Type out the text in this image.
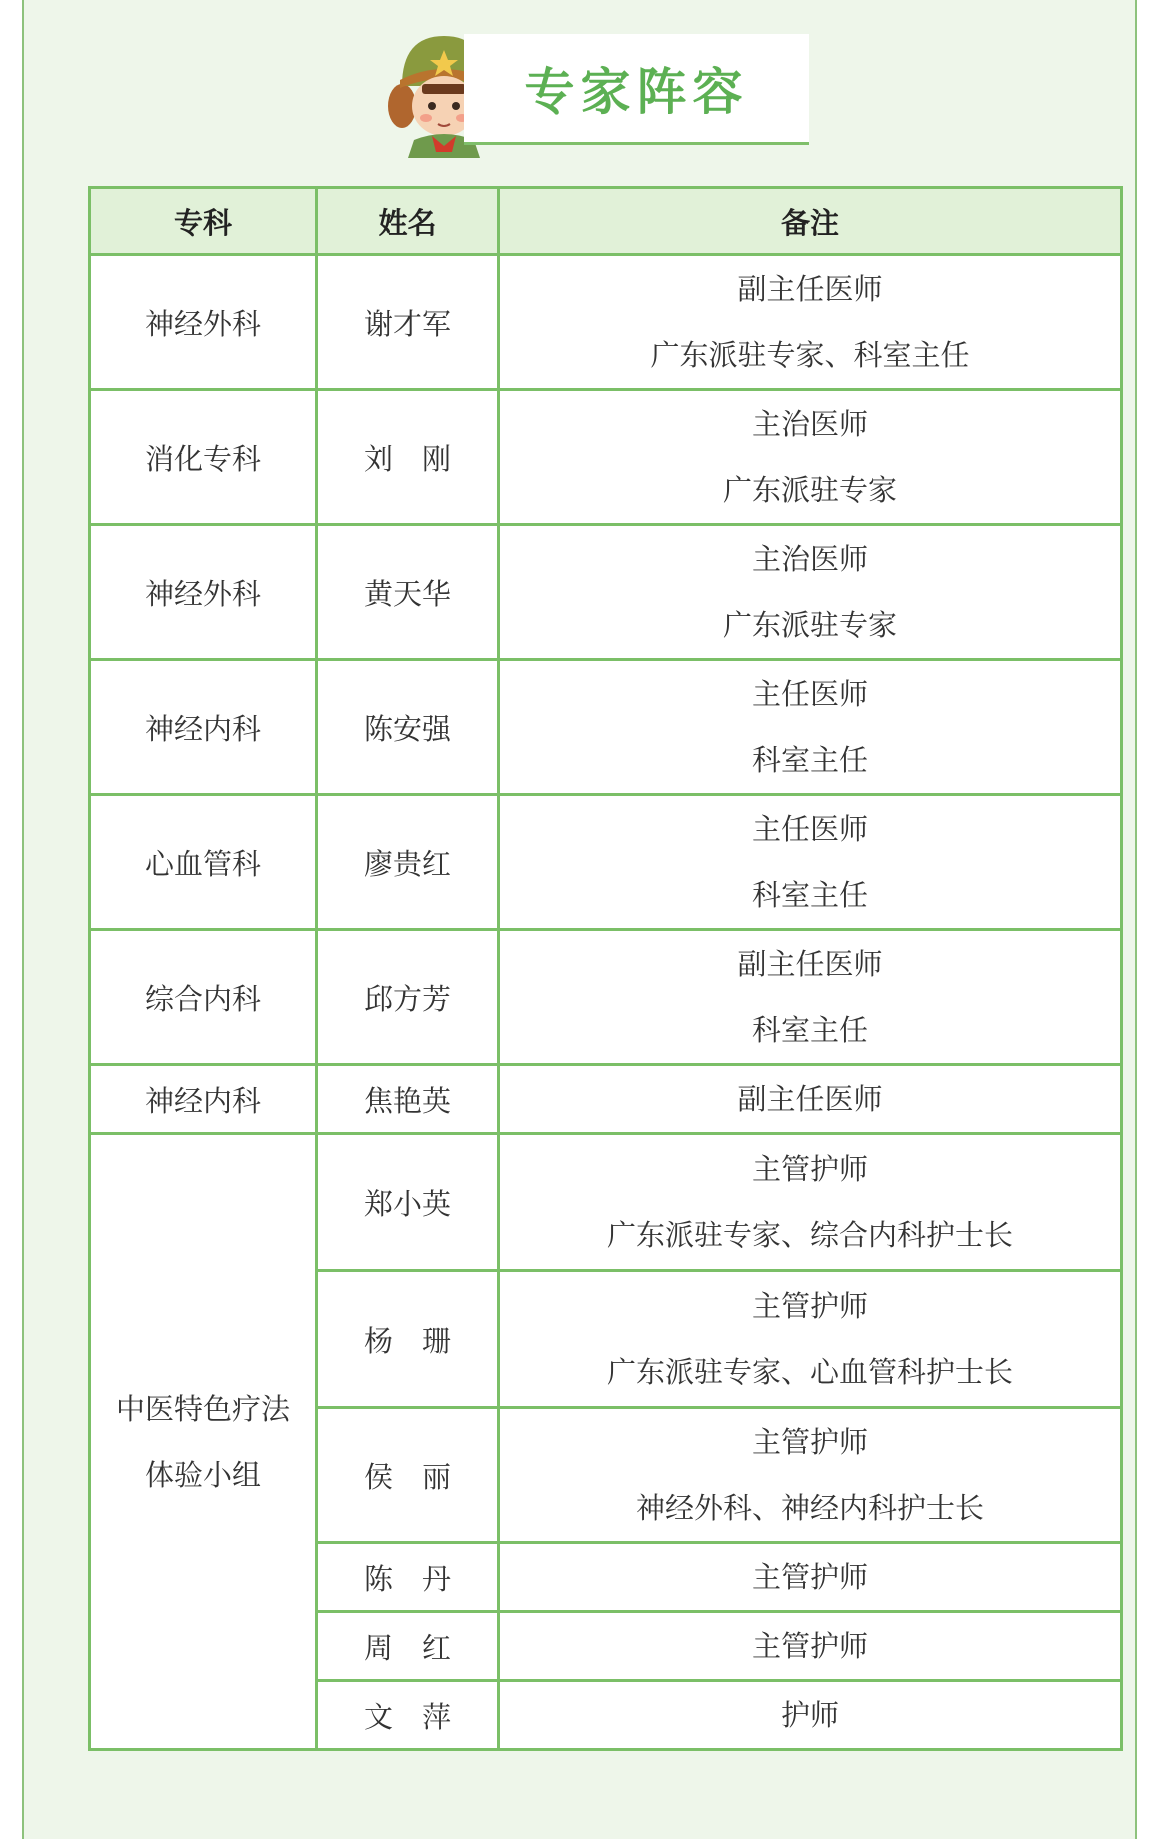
专家阵容
专科	姓名	备注
神经外科	谢才军	副主任医师
广东派驻专家、科室主任

消化专科	刘　刚	主治医师
广东派驻专家

神经外科	黄天华	主治医师
广东派驻专家

神经内科	陈安强	主任医师
科室主任

心血管科	廖贵红	主任医师
科室主任

综合内科	邱方芳	副主任医师
科室主任

神经内科	焦艳英	副主任医师

中医特色疗法
体验小组	郑小英	主管护师
广东派驻专家、综合内科护士长

	杨　珊	主管护师
广东派驻专家、心血管科护士长

	侯　丽	主管护师
神经外科、神经内科护士长

	陈　丹	主管护师

	周　红	主管护师

	文　萍	护师
